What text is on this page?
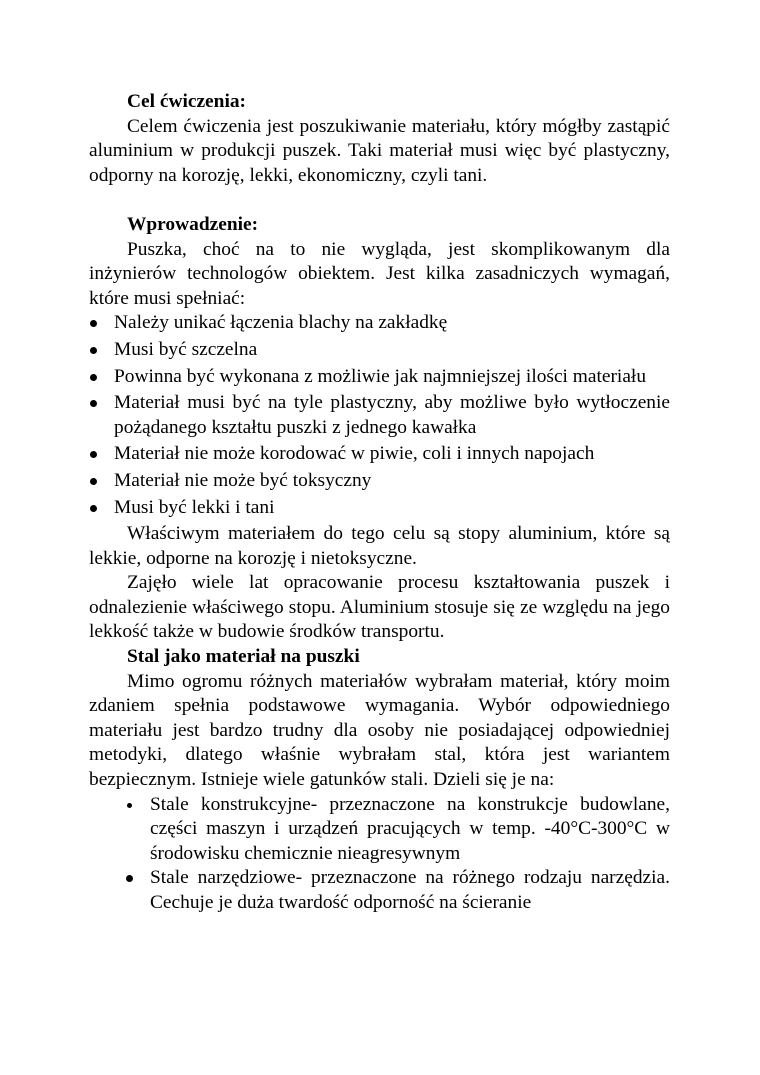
Cel ćwiczenia:

Celem ćwiczenia jest poszukiwanie materiału, który mógłby zastąpić aluminium w produkcji puszek. Taki materiał musi więc być plastyczny, odporny na korozję, lekki, ekonomiczny, czyli tani.

Wprowadzenie:

Puszka, choć na to nie wygląda, jest skomplikowanym dla inżynierów technologów obiektem. Jest kilka zasadniczych wymagań, które musi spełniać:

Należy unikać łączenia blachy na zakładkę
Musi być szczelna
Powinna być wykonana z możliwie jak najmniejszej ilości materiału
Materiał musi być na tyle plastyczny, aby możliwe było wytłoczenie pożądanego kształtu puszki z jednego kawałka
Materiał nie może korodować w piwie, coli i innych napojach
Materiał nie może być toksyczny
Musi być lekki i tani

Właściwym materiałem do tego celu są stopy aluminium, które są lekkie, odporne na korozję i nietoksyczne.

Zajęło wiele lat opracowanie procesu kształtowania puszek i odnalezienie właściwego stopu. Aluminium stosuje się ze względu na jego lekkość także w budowie środków transportu.

Stal jako materiał na puszki

Mimo ogromu różnych materiałów wybrałam materiał, który moim zdaniem spełnia podstawowe wymagania. Wybór odpowiedniego materiału jest bardzo trudny dla osoby nie posiadającej odpowiedniej metodyki, dlatego właśnie wybrałam stal, która jest wariantem bezpiecznym. Istnieje wiele gatunków stali. Dzieli się je na:

Stale konstrukcyjne- przeznaczone na konstrukcje budowlane, części maszyn i urządzeń pracujących w temp. -40°C-300°C w środowisku chemicznie nieagresywnym
Stale narzędziowe- przeznaczone na różnego rodzaju narzędzia. Cechuje je duża twardość odporność na ścieranie
